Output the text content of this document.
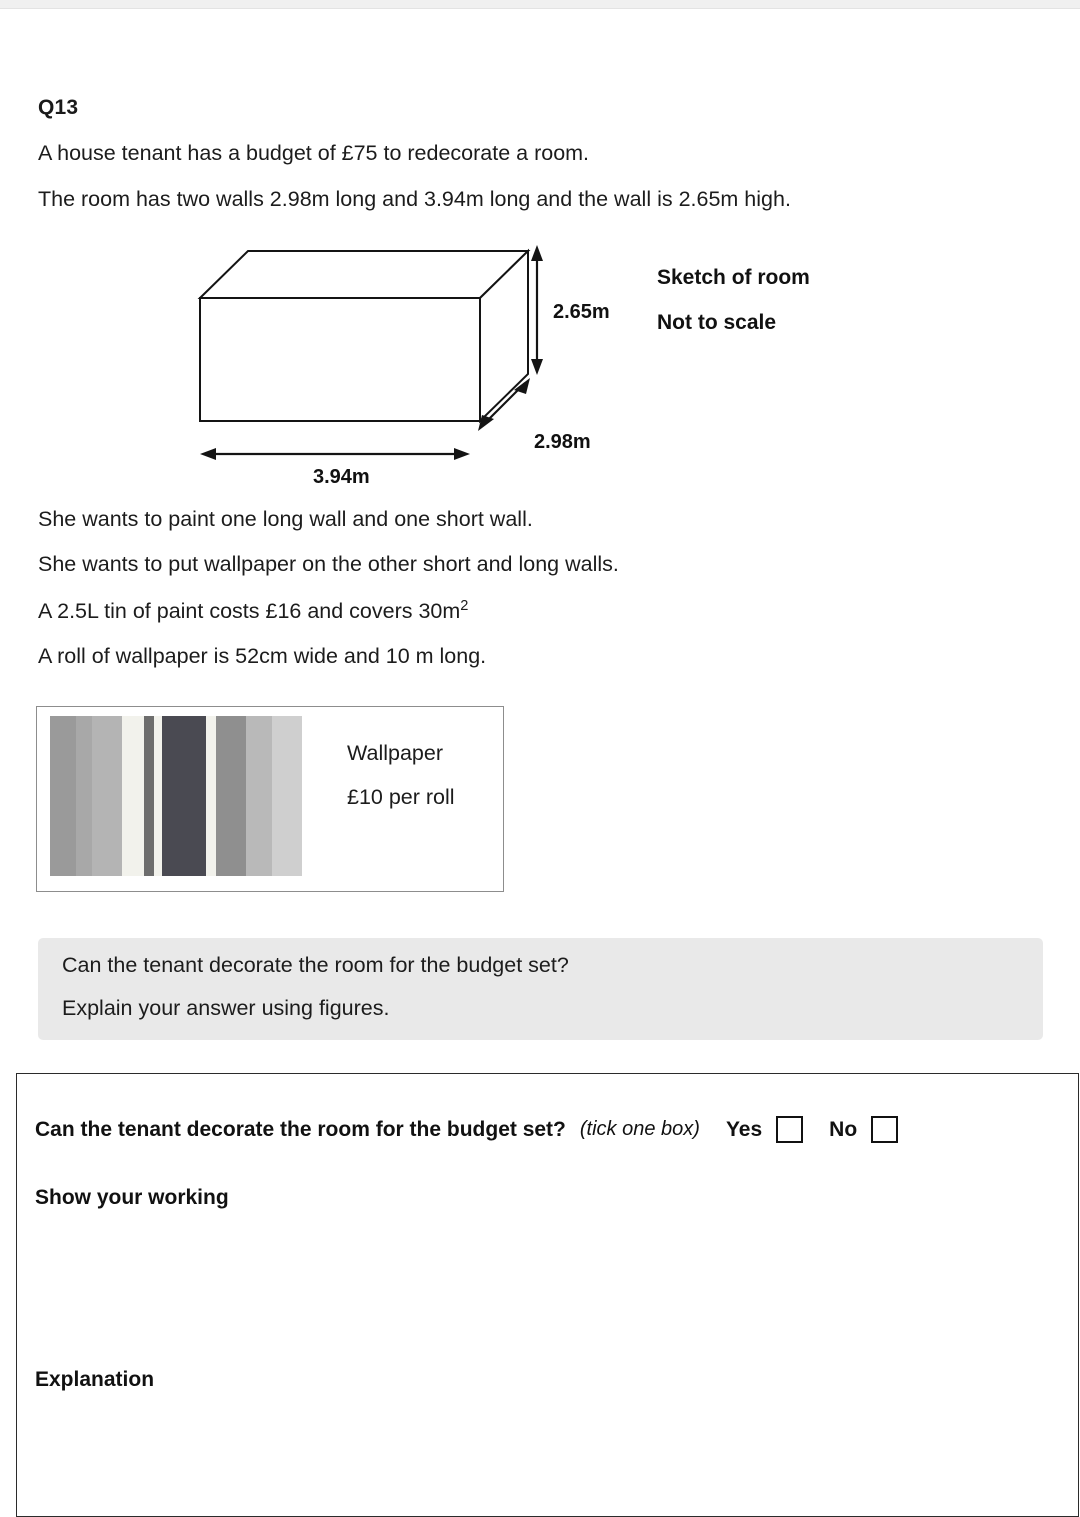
Q13
A house tenant has a budget of £75 to redecorate a room.
The room has two walls 2.98m long and 3.94m long and the wall is 2.65m high.
2.65m
2.98m
3.94m
Sketch of room
Not to scale
She wants to paint one long wall and one short wall.
She wants to put wallpaper on the other short and long walls.
A 2.5L tin of paint costs £16 and covers $30m^2$
A roll of wallpaper is 52cm wide and 10 m long.
Wallpaper
£10 per roll
Can the tenant decorate the room for the budget set?
Explain your answer using figures.
Can the tenant decorate the room for the budget set? (tick one box) Yes	No
Show your working
Explanation
